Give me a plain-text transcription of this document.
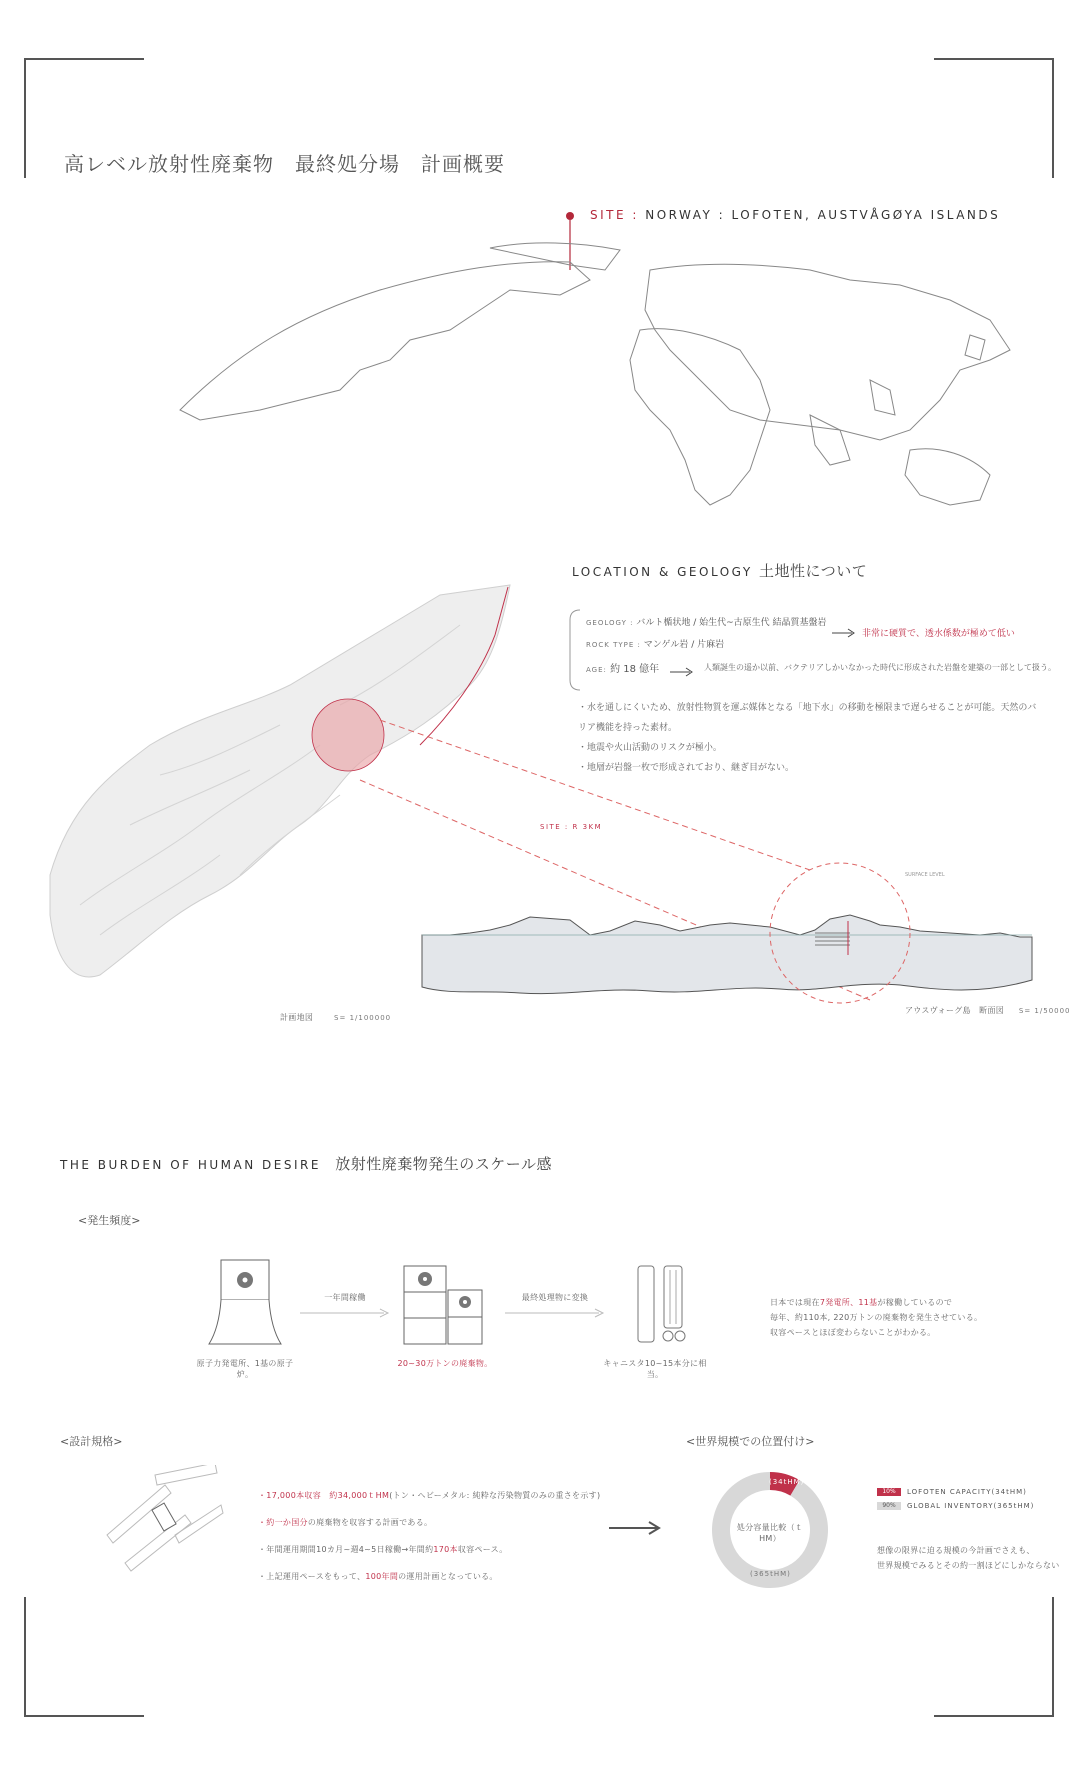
高レベル放射性廃棄物　最終処分場　計画概要
SITE : NORWAY : LOFOTEN, AUSTVÅGØYA ISLANDS
LOCATION & GEOLOGY 土地性について
GEOLOGY : バルト楯状地 / 始生代~古原生代 結晶質基盤岩
非常に硬質で、透水係数が極めて低い
ROCK TYPE : マンゲル岩 / 片麻岩
AGE: 約 18 億年	人類誕生の遥か以前、バクテリアしかいなかった時代に形成された岩盤を建築の一部として扱う。
・水を通しにくいため、放射性物質を運ぶ媒体となる「地下水」の移動を極限まで遅らせることが可能。天然のバリア機能を持った素材。
・地震や火山活動のリスクが極小。
・地層が岩盤一枚で形成されており、継ぎ目がない。
SITE : R 3KM
SURFACE LEVEL
計画地図	S= 1/100000
アウスヴォーグ島　断面図 S= 1/50000
THE BURDEN OF HUMAN DESIRE 放射性廃棄物発生のスケール感
<発生頻度>
一年間稼働	最終処理物に変換
原子力発電所、1基の原子炉。
20~30万トンの廃棄物。	キャニスタ10~15本分に相当。
日本では現在7発電所、11基が稼働しているので
毎年、約110本, 220万トンの廃棄物を発生させている。
収容ペースとほぼ変わらないことがわかる。
<設計規格>
・17,000本収容　約34,000ｔHM(トン・ヘビーメタル: 純粋な汚染物質のみの重さを示す)
・約一か国分の廃棄物を収容する計画である。
・年間運用期間10カ月~週4~5日稼働→年間約170本収容ペース。
・上記運用ペースをもって、100年間の運用計画となっている。
<世界規模での位置付け>
処分容量比較（ｔHM）
(34tHM)
(365tHM)
10%	LOFOTEN CAPACITY(34tHM)
90%	GLOBAL INVENTORY(365tHM)
想像の限界に迫る規模の今計画でさえも、
世界規模でみるとその約一割ほどにしかならない
